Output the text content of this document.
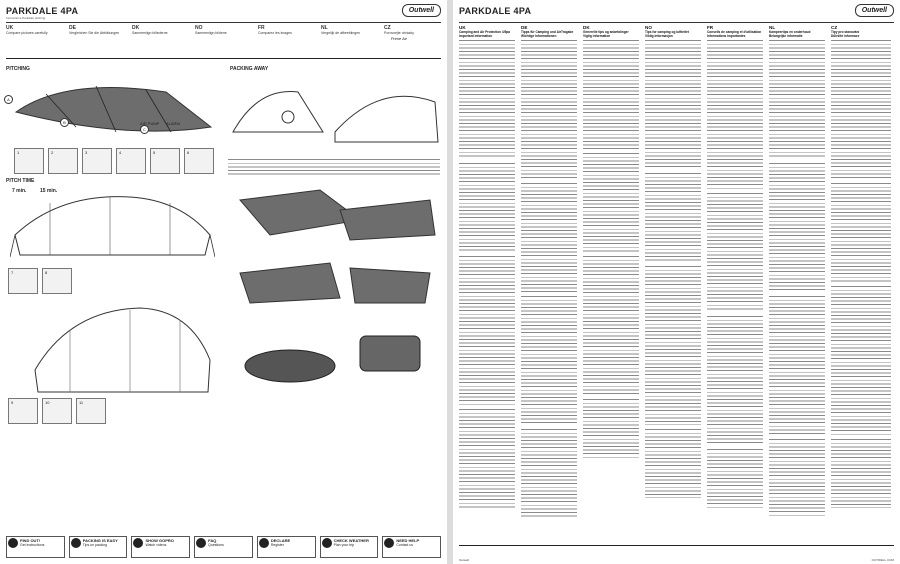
PARKDALE 4PA
Instructions Parkdale pitching
Outwell
UK
Compare pictures carefully
DE
Vergleichen Sie die Abbildungen
DK
Sammenlign billederne
NO
Sammenlign bildene
FR
Comparez les images
NL
Vergelijk de afbeeldingen
CZ
Porovnejte obrázky
Prime Air
PITCHING
A
B
C
AIR PUMP ALARM
1	2	3	4	5	6
PITCH TIME
7 min.	15 min.
7	8
9	10	11
PACKING AWAY
FIND OUT!
Get instructions
PACKING IS EASY
Tips on packing
SHOW GOPRO
Watch videos
FAQ
Questions
DECLARE
Register
CHECK WEATHER
Plan your trip
NEED HELP
Contact us
PARKDALE 4PA	Outwell
UK
Camping and Air Protection 4/5pa
Important information
DE
Tipps für Camping und AirTragabe
Wichtige Informationen
DK
Generelle tips og anbefalinger
Vigtig information
NO
Tips for camping og luftteltet
Viktig informasjon
FR
Conseils de camping et d'utilisation
Informations importantes
NL
Kampeertips en onderhoud
Belangrijke informatie
CZ
Tipy pro stanování
Důležité informace
Outwell	OUTWELL.COM
